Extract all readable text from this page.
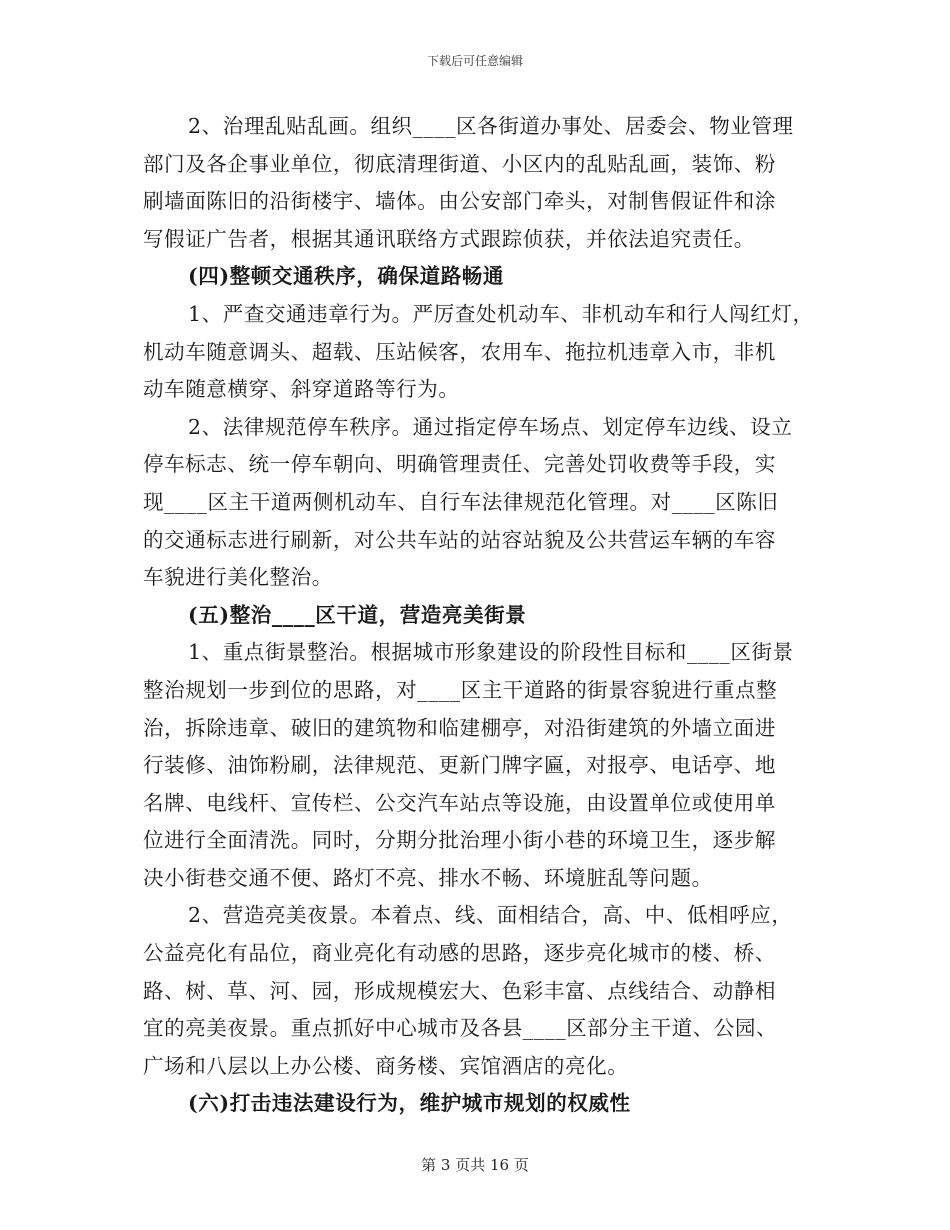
下载后可任意编辑
2、治理乱贴乱画。组织____区各街道办事处、居委会、物业管理
部门及各企事业单位，彻底清理街道、小区内的乱贴乱画，装饰、粉
刷墙面陈旧的沿街楼宇、墙体。由公安部门牵头，对制售假证件和涂
写假证广告者，根据其通讯联络方式跟踪侦获，并依法追究责任。
(四)整顿交通秩序，确保道路畅通
1、严查交通违章行为。严厉查处机动车、非机动车和行人闯红灯，
机动车随意调头、超载、压站候客，农用车、拖拉机违章入市，非机
动车随意横穿、斜穿道路等行为。
2、法律规范停车秩序。通过指定停车场点、划定停车边线、设立
停车标志、统一停车朝向、明确管理责任、完善处罚收费等手段，实
现____区主干道两侧机动车、自行车法律规范化管理。对____区陈旧
的交通标志进行刷新，对公共车站的站容站貌及公共营运车辆的车容
车貌进行美化整治。
(五)整治____区干道，营造亮美街景
1、重点街景整治。根据城市形象建设的阶段性目标和____区街景
整治规划一步到位的思路，对____区主干道路的街景容貌进行重点整
治，拆除违章、破旧的建筑物和临建棚亭，对沿街建筑的外墙立面进
行装修、油饰粉刷，法律规范、更新门牌字匾，对报亭、电话亭、地
名牌、电线杆、宣传栏、公交汽车站点等设施，由设置单位或使用单
位进行全面清洗。同时，分期分批治理小街小巷的环境卫生，逐步解
决小街巷交通不便、路灯不亮、排水不畅、环境脏乱等问题。
2、营造亮美夜景。本着点、线、面相结合，高、中、低相呼应，
公益亮化有品位，商业亮化有动感的思路，逐步亮化城市的楼、桥、
路、树、草、河、园，形成规模宏大、色彩丰富、点线结合、动静相
宜的亮美夜景。重点抓好中心城市及各县____区部分主干道、公园、
广场和八层以上办公楼、商务楼、宾馆酒店的亮化。
(六)打击违法建设行为，维护城市规划的权威性
第 3 页共 16 页
